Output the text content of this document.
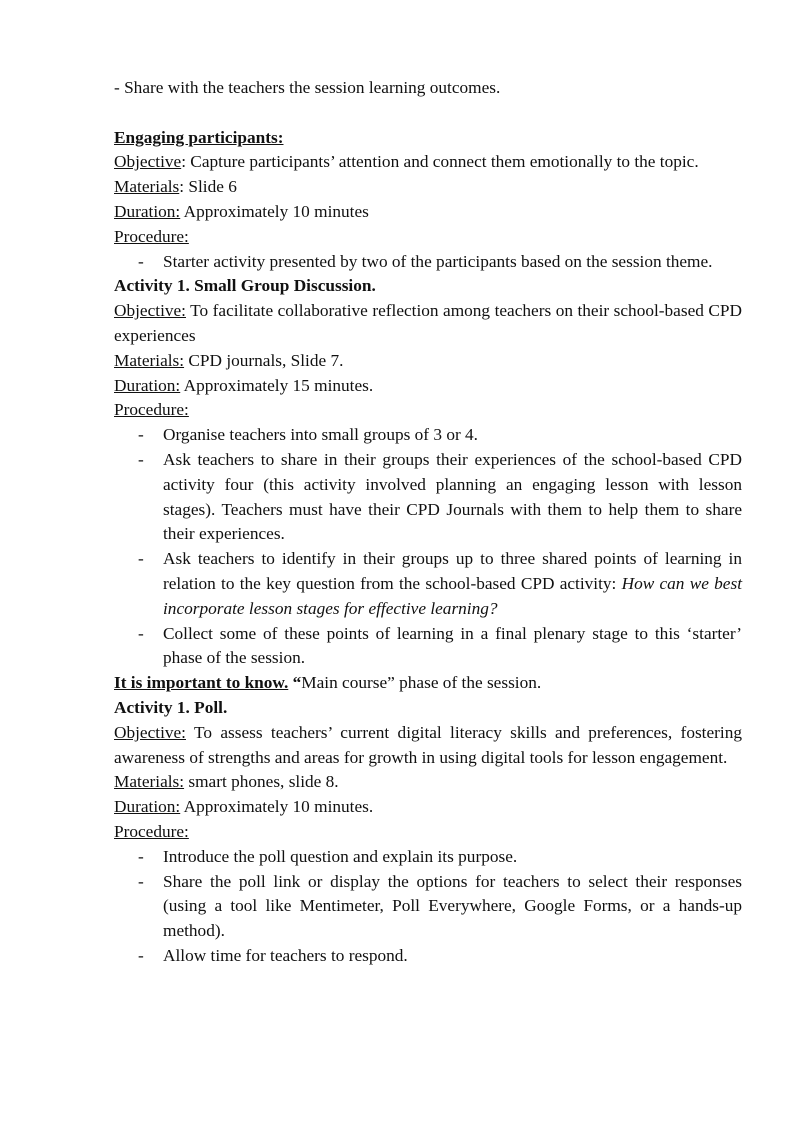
- Share with the teachers the session learning outcomes.

Engaging participants:

Objective: Capture participants’ attention and connect them emotionally to the topic.

Materials: Slide 6

Duration: Approximately 10 minutes

Procedure:

- Starter activity presented by two of the participants based on the session theme.

Activity 1. Small Group Discussion.

Objective: To facilitate collaborative reflection among teachers on their school-based CPD experiences

Materials: CPD journals, Slide 7.

Duration: Approximately 15 minutes.

Procedure:

- Organise teachers into small groups of 3 or 4.
- Ask teachers to share in their groups their experiences of the school-based CPD activity four (this activity involved planning an engaging lesson with lesson stages). Teachers must have their CPD Journals with them to help them to share their experiences.
- Ask teachers to identify in their groups up to three shared points of learning in relation to the key question from the school-based CPD activity: How can we best incorporate lesson stages for effective learning?
- Collect some of these points of learning in a final plenary stage to this ‘starter’ phase of the session.

It is important to know. “Main course” phase of the session.

Activity 1. Poll.

Objective: To assess teachers’ current digital literacy skills and preferences, fostering awareness of strengths and areas for growth in using digital tools for lesson engagement.

Materials: smart phones, slide 8.

Duration: Approximately 10 minutes.

Procedure:

- Introduce the poll question and explain its purpose.
- Share the poll link or display the options for teachers to select their responses (using a tool like Mentimeter, Poll Everywhere, Google Forms, or a hands-up method).
- Allow time for teachers to respond.
